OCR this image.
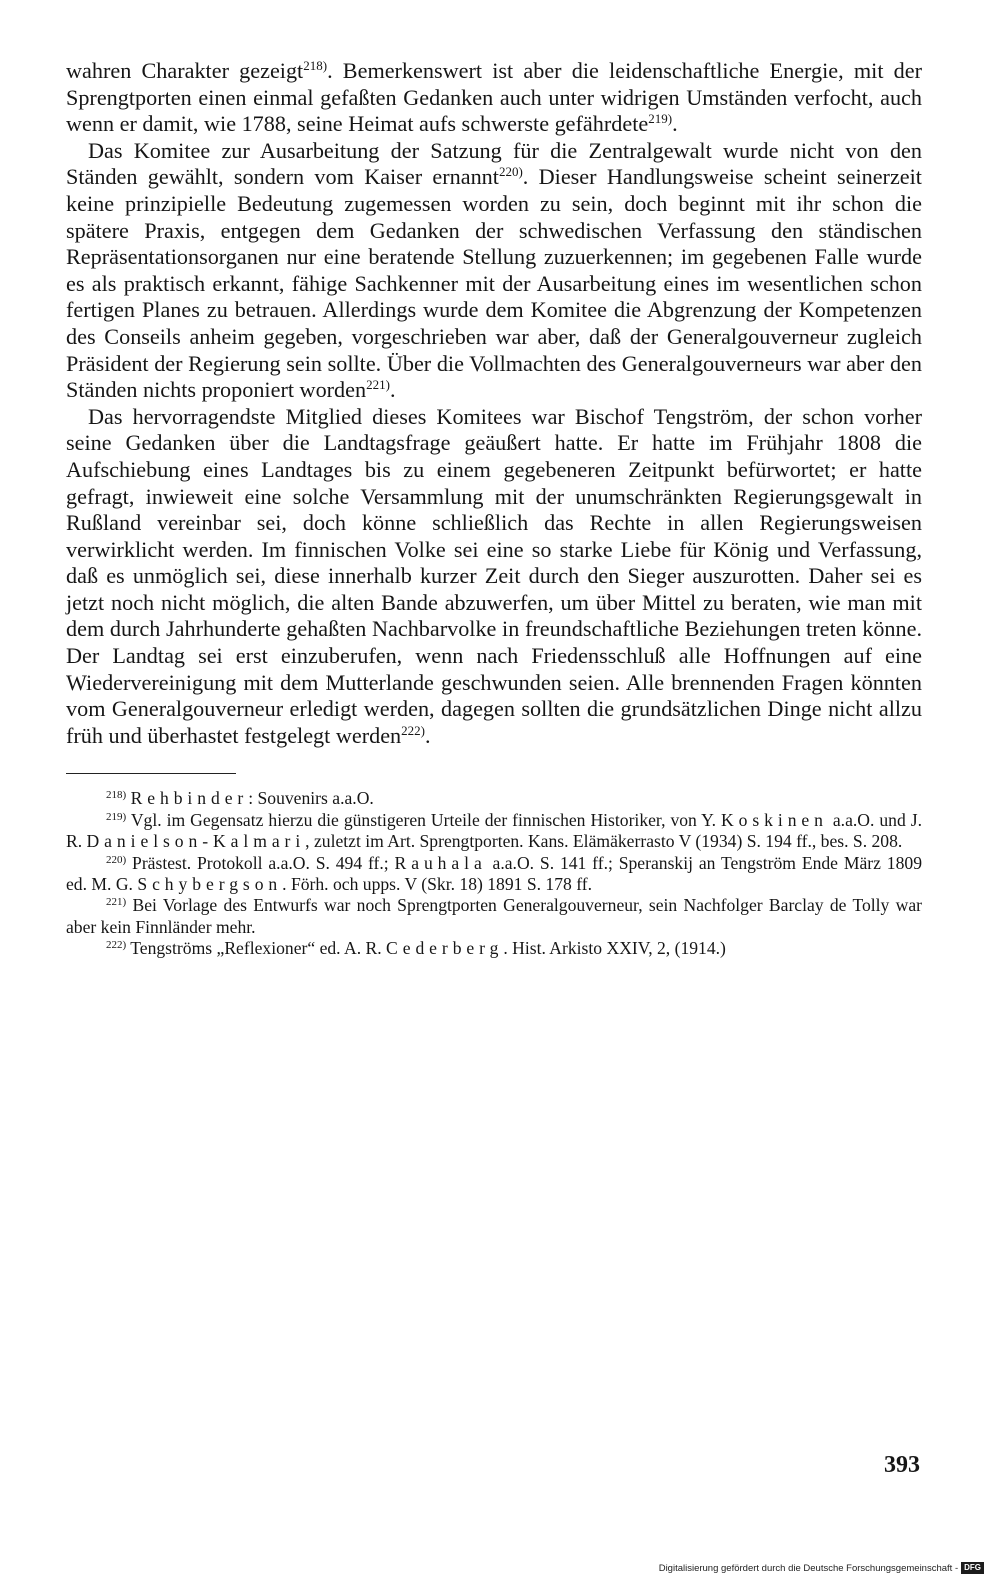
wahren Charakter gezeigt$^{218)}$. Bemerkenswert ist aber die leidenschaftliche Energie, mit der Sprengtporten einen einmal gefaßten Gedanken auch unter widrigen Umständen verfocht, auch wenn er damit, wie 1788, seine Heimat aufs schwerste gefährdete$^{219)}$.

Das Komitee zur Ausarbeitung der Satzung für die Zentralgewalt wurde nicht von den Ständen gewählt, sondern vom Kaiser ernannt$^{220)}$. Dieser Handlungsweise scheint seinerzeit keine prinzipielle Bedeutung zugemessen worden zu sein, doch beginnt mit ihr schon die spätere Praxis, entgegen dem Gedanken der schwedischen Verfassung den ständischen Repräsentationsorganen nur eine beratende Stellung zuzuerkennen; im gegebenen Falle wurde es als praktisch erkannt, fähige Sachkenner mit der Ausarbeitung eines im wesentlichen schon fertigen Planes zu betrauen. Allerdings wurde dem Komitee die Abgrenzung der Kompetenzen des Conseils anheim gegeben, vorgeschrieben war aber, daß der Generalgouverneur zugleich Präsident der Regierung sein sollte. Über die Vollmachten des Generalgouverneurs war aber den Ständen nichts proponiert worden$^{221)}$.

Das hervorragendste Mitglied dieses Komitees war Bischof Tengström, der schon vorher seine Gedanken über die Landtagsfrage geäußert hatte. Er hatte im Frühjahr 1808 die Aufschiebung eines Landtages bis zu einem gegebeneren Zeitpunkt befürwortet; er hatte gefragt, inwieweit eine solche Versammlung mit der unumschränkten Regierungsgewalt in Rußland vereinbar sei, doch könne schließlich das Rechte in allen Regierungsweisen verwirklicht werden. Im finnischen Volke sei eine so starke Liebe für König und Verfassung, daß es unmöglich sei, diese innerhalb kurzer Zeit durch den Sieger auszurotten. Daher sei es jetzt noch nicht möglich, die alten Bande abzuwerfen, um über Mittel zu beraten, wie man mit dem durch Jahrhunderte gehaßten Nachbarvolke in freundschaftliche Beziehungen treten könne. Der Landtag sei erst einzuberufen, wenn nach Friedensschluß alle Hoffnungen auf eine Wiedervereinigung mit dem Mutterlande geschwunden seien. Alle brennenden Fragen könnten vom Generalgouverneur erledigt werden, dagegen sollten die grundsätzlichen Dinge nicht allzu früh und überhastet festgelegt werden$^{222)}$.

$^{218)}$ Rehbinder: Souvenirs a.a.O.

$^{219)}$ Vgl. im Gegensatz hierzu die günstigeren Urteile der finnischen Historiker, von Y. Koskinen a.a.O. und J. R. Danielson-Kalmari, zuletzt im Art. Sprengtporten. Kans. Elämäkerrasto V (1934) S. 194 ff., bes. S. 208.

$^{220)}$ Prästest. Protokoll a.a.O. S. 494 ff.; Rauhala a.a.O. S. 141 ff.; Speranskij an Tengström Ende März 1809 ed. M. G. Schybergson. Förh. och upps. V (Skr. 18) 1891 S. 178 ff.

$^{221)}$ Bei Vorlage des Entwurfs war noch Sprengtporten Generalgouverneur, sein Nachfolger Barclay de Tolly war aber kein Finnländer mehr.

$^{222)}$ Tengströms „Reflexioner“ ed. A. R. Cederberg. Hist. Arkisto XXIV, 2, (1914.)

393
Digitalisierung gefördert durch die Deutsche Forschungsgemeinschaft - DFG
